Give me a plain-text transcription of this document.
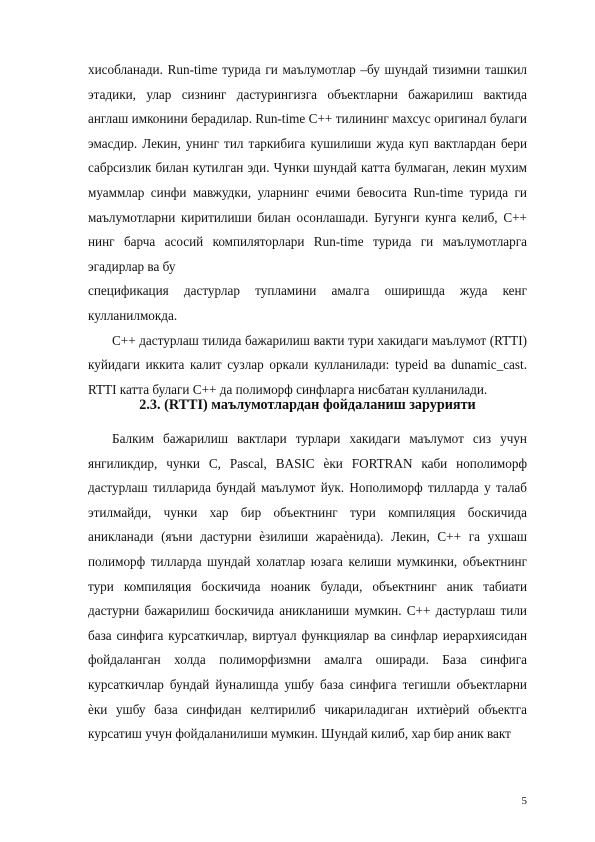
хисобланади. Run-time турида ги маълумотлар –бу шундай тизимни ташкил этадики, улар сизнинг дастурингизга объектларни бажарилиш вактида англаш имконини берадилар. Run-time C++ тилининг махсус оригинал булаги эмасдир. Лекин, унинг тил таркибига кушилиши жуда куп вактлардан бери сабрсизлик билан кутилган эди. Чунки шундай катта булмаган, лекин мухим муаммлар синфи мавжудки, уларнинг ечими бевосита Run-time турида ги маълумотларни киритилиши билан осонлашади. Бугунги кунга келиб, C++ нинг барча асосий компиляторлари Run-time турида ги маълумотларга эгадирлар ва бу

спецификация дастурлар тупламини амалга оширишда жуда кенг кулланилмокда.

C++ дастурлаш тилида бажарилиш вакти тури хакидаги маълумот (RTTI) куйидаги иккита калит сузлар оркали кулланилади: typeid ва dunamic_cast. RTTI катта булаги C++ да полиморф синфларга нисбатан кулланилади.

2.3. (RTTI) маълумотлардан фойдаланиш зарурияти

Балким бажарилиш вактлари турлари хакидаги маълумот сиз учун янгиликдир, чунки C, Pascal, BASIC ѐки FORTRAN каби нополиморф дастурлаш тилларида бундай маълумот йук. Нополиморф тилларда у талаб этилмайди, чунки хар бир объектнинг тури компиляция боскичида аникланади (яъни дастурни ѐзилиши жараѐнида). Лекин, C++ га ухшаш полиморф тилларда шундай холатлар юзага келиши мумкинки, объектнинг тури компиляция боскичида ноаник булади, объектнинг аник табиати дастурни бажарилиш боскичида аникланиши мумкин. C++ дастурлаш тили база синфига курсаткичлар, виртуал функциялар ва синфлар иерархиясидан фойдаланган холда полиморфизмни амалга оширади. База синфига курсаткичлар бундай йуналишда ушбу база синфига тегишли объектларни ѐки ушбу база синфидан келтирилиб чикариладиган ихтиѐрий объектга курсатиш учун фойдаланилиши мумкин. Шундай килиб, хар бир аник вакт

5
